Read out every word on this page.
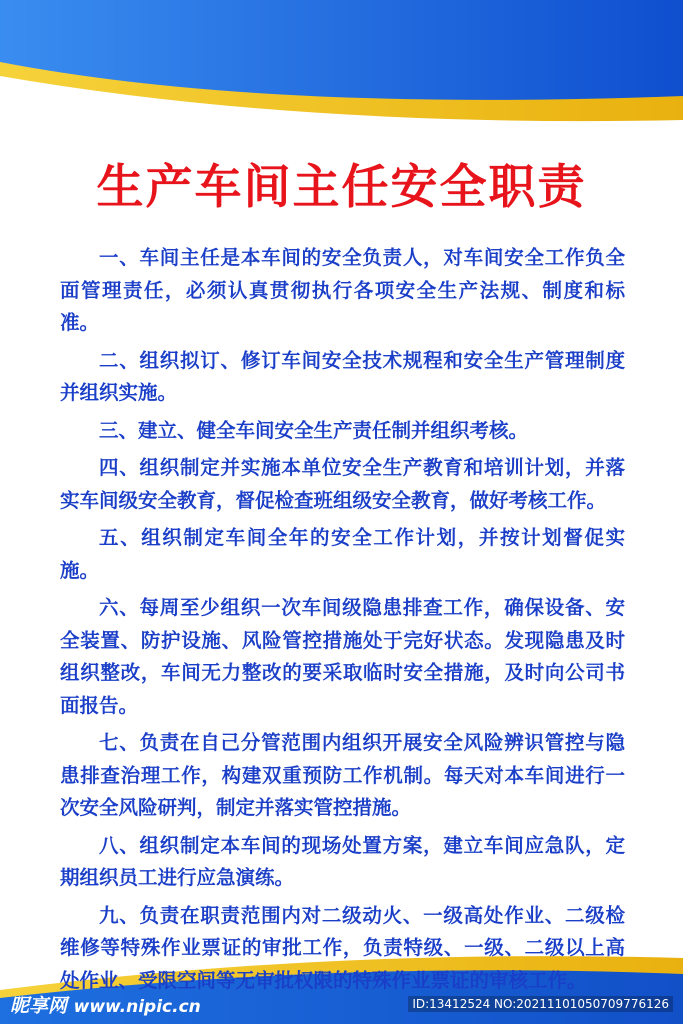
生产车间主任安全职责

一、车间主任是本车间的安全负责人，对车间安全工作负全面管理责任，必须认真贯彻执行各项安全生产法规、制度和标准。

二、组织拟订、修订车间安全技术规程和安全生产管理制度并组织实施。

三、建立、健全车间安全生产责任制并组织考核。

四、组织制定并实施本单位安全生产教育和培训计划，并落实车间级安全教育，督促检查班组级安全教育，做好考核工作。

五、组织制定车间全年的安全工作计划，并按计划督促实施。

六、每周至少组织一次车间级隐患排查工作，确保设备、安全装置、防护设施、风险管控措施处于完好状态。发现隐患及时组织整改，车间无力整改的要采取临时安全措施，及时向公司书面报告。

七、负责在自己分管范围内组织开展安全风险辨识管控与隐患排查治理工作，构建双重预防工作机制。每天对本车间进行一次安全风险研判，制定并落实管控措施。

八、组织制定本车间的现场处置方案，建立车间应急队，定期组织员工进行应急演练。

九、负责在职责范围内对二级动火、一级高处作业、二级检维修等特殊作业票证的审批工作，负责特级、一级、二级以上高处作业、受限空间等无审批权限的特殊作业票证的审核工作。

昵享网 www.nipic.cn	ID:13412524 NO:20211101050709776126
